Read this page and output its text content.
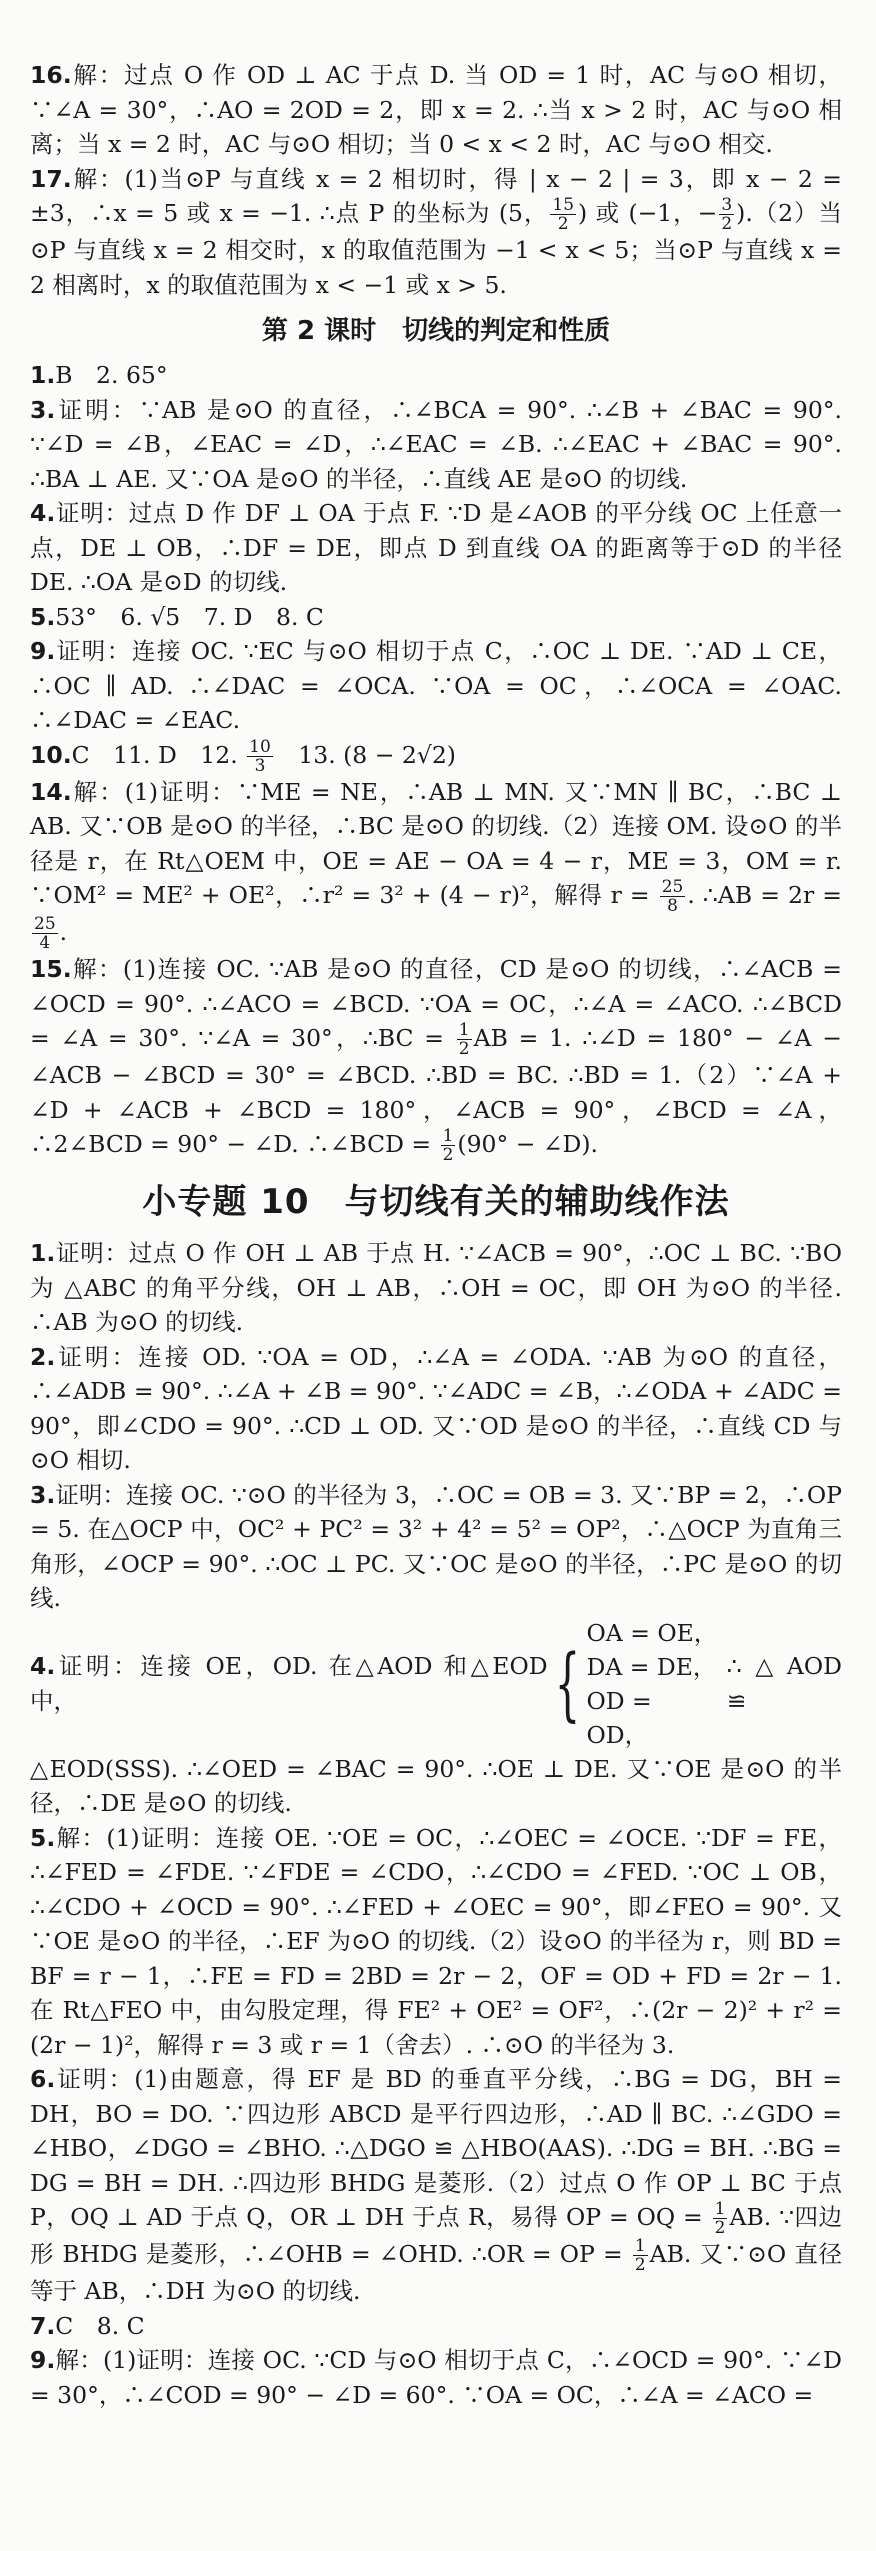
16.解：过点 O 作 OD ⊥ AC 于点 D. 当 OD = 1 时，AC 与⊙O 相切，∵∠A = 30°，∴AO = 2OD = 2，即 x = 2. ∴当 x > 2 时，AC 与⊙O 相离；当 x = 2 时，AC 与⊙O 相切；当 0 < x < 2 时，AC 与⊙O 相交.

17.解：(1)当⊙P 与直线 x = 2 相切时，得 | x − 2 | = 3，即 x − 2 = ±3，∴x = 5 或 x = −1. ∴点 P 的坐标为 (5， $\frac{15}{2}$ ) 或 (−1，− $\frac{3}{2} ).(2)$当⊙P 与直线 x = 2 相交时，x 的取值范围为 −1 < x < 5；当⊙P 与直线 x = 2 相离时，x 的取值范围为 x < −1 或 x > 5.

第 2 课时　切线的判定和性质

1.B　2. 65°

3.证明：∵AB 是⊙O 的直径，∴∠BCA = 90°. ∴∠B + ∠BAC = 90°. ∵∠D = ∠B，∠EAC = ∠D，∴∠EAC = ∠B. ∴∠EAC + ∠BAC = 90°. ∴BA ⊥ AE. 又∵OA 是⊙O 的半径，∴直线 AE 是⊙O 的切线.

4.证明：过点 D 作 DF ⊥ OA 于点 F. ∵D 是∠AOB 的平分线 OC 上任意一点，DE ⊥ OB，∴DF = DE，即点 D 到直线 OA 的距离等于⊙D 的半径 DE. ∴OA 是⊙D 的切线.

5.53°　6. √5　7. D　8. C

9.证明：连接 OC. ∵EC 与⊙O 相切于点 C，∴OC ⊥ DE. ∵AD ⊥ CE，∴OC ∥ AD. ∴∠DAC = ∠OCA. ∵OA = OC，∴∠OCA = ∠OAC. ∴∠DAC = ∠EAC.

10.C　11. D　12. $\frac{10}{3}$ 　13. (8 − 2√2)

14.解：(1)证明：∵ME = NE，∴AB ⊥ MN. 又∵MN ∥ BC，∴BC ⊥ AB. 又∵OB 是⊙O 的半径，∴BC 是⊙O 的切线.（2）连接 OM. 设⊙O 的半径是 r，在 Rt△OEM 中，OE = AE − OA = 4 − r，ME = 3，OM = r. ∵OM² = ME² + OE²，∴r² = 3² + (4 − r)²，解得 $r = \frac{25}{8}$ . ∴AB = 2r =
$\frac{25}{4}$ .

15.解：(1)连接 OC. ∵AB 是⊙O 的直径，CD 是⊙O 的切线，∴∠ACB = ∠OCD = 90°. ∴∠ACO = ∠BCD. ∵OA = OC，∴∠A = ∠ACO. ∴∠BCD = ∠A = 30°. ∵∠A = 30°，∴BC = $\frac{1}{2}$ AB = 1. ∴∠D = 180° − ∠A − ∠ACB − ∠BCD = 30° = ∠BCD. ∴BD = BC. ∴BD = 1.（2）∵∠A + ∠D + ∠ACB + ∠BCD = 180°，∠ACB = 90°，∠BCD = ∠A，∴2∠BCD = 90° − ∠D. ∴∠BCD = $\frac{1}{2} (90^\circ$ − ∠D).

小专题 10　与切线有关的辅助线作法

1.证明：过点 O 作 OH ⊥ AB 于点 H. ∵∠ACB = 90°，∴OC ⊥ BC. ∵BO 为 △ABC 的角平分线，OH ⊥ AB，∴OH = OC，即 OH 为⊙O 的半径. ∴AB 为⊙O 的切线.

2.证明：连接 OD. ∵OA = OD，∴∠A = ∠ODA. ∵AB 为⊙O 的直径，∴∠ADB = 90°. ∴∠A + ∠B = 90°. ∵∠ADC = ∠B，∴∠ODA + ∠ADC = 90°，即∠CDO = 90°. ∴CD ⊥ OD. 又∵OD 是⊙O 的半径，∴直线 CD 与⊙O 相切.

3.证明：连接 OC. ∵⊙O 的半径为 3，∴OC = OB = 3. 又∵BP = 2，∴OP = 5. 在△OCP 中，OC² + PC² = 3² + 4² = 5² = OP²，∴△OCP 为直角三角形，∠OCP = 90°. ∴OC ⊥ PC. 又∵OC 是⊙O 的半径，∴PC 是⊙O 的切线.

4.证明：连接 OE，OD. 在△AOD 和△EOD 中，	{
OA = OE，
DA = DE，
OD = OD，
∴△AOD ≌

△EOD(SSS). ∴∠OED = ∠BAC = 90°. ∴OE ⊥ DE. 又∵OE 是⊙O 的半径，∴DE 是⊙O 的切线.

5.解：(1)证明：连接 OE. ∵OE = OC，∴∠OEC = ∠OCE. ∵DF = FE，∴∠FED = ∠FDE. ∵∠FDE = ∠CDO，∴∠CDO = ∠FED. ∵OC ⊥ OB，∴∠CDO + ∠OCD = 90°. ∴∠FED + ∠OEC = 90°，即∠FEO = 90°. 又∵OE 是⊙O 的半径，∴EF 为⊙O 的切线.（2）设⊙O 的半径为 r，则 BD = BF = r − 1，∴FE = FD = 2BD = 2r − 2，OF = OD + FD = 2r − 1. 在 Rt△FEO 中，由勾股定理，得 FE² + OE² = OF²，∴(2r − 2)² + r² = (2r − 1)²，解得 r = 3 或 r = 1（舍去）. ∴⊙O 的半径为 3.

6.证明：(1)由题意，得 EF 是 BD 的垂直平分线，∴BG = DG，BH = DH，BO = DO. ∵四边形 ABCD 是平行四边形，∴AD ∥ BC. ∴∠GDO = ∠HBO，∠DGO = ∠BHO. ∴△DGO ≌ △HBO(AAS). ∴DG = BH. ∴BG = DG = BH = DH. ∴四边形 BHDG 是菱形.（2）过点 O 作 OP ⊥ BC 于点 P，OQ ⊥ AD 于点 Q，OR ⊥ DH 于点 R，易得 OP = OQ = $\frac{1}{2}$ AB. ∵四边形 BHDG 是菱形，∴∠OHB = ∠OHD. ∴OR = OP = $\frac{1}{2}$ AB. 又∵⊙O 直径等于 AB，∴DH 为⊙O 的切线.

7.C　8. C

9.解：(1)证明：连接 OC. ∵CD 与⊙O 相切于点 C，∴∠OCD = 90°. ∵∠D = 30°，∴∠COD = 90° − ∠D = 60°. ∵OA = OC，∴∠A = ∠ACO =
